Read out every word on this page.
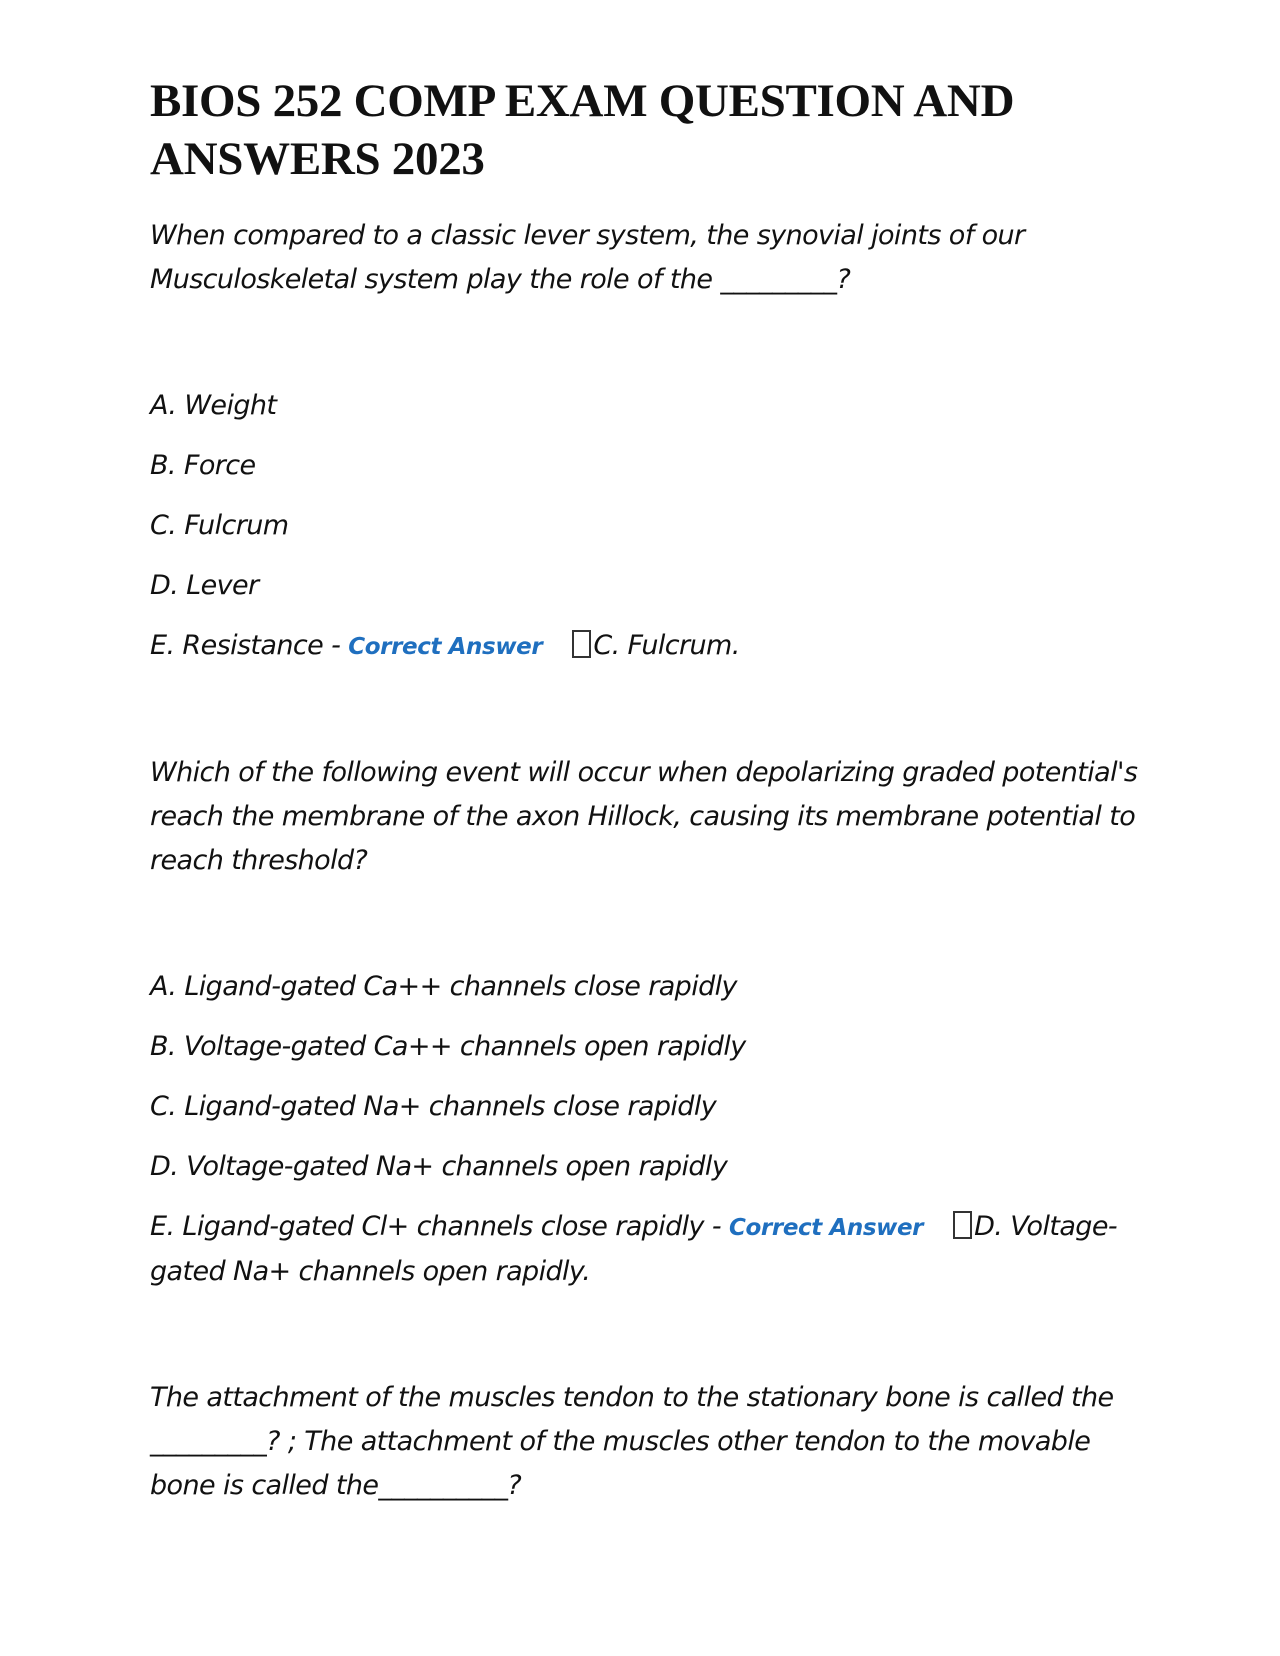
BIOS 252 COMP EXAM QUESTION AND ANSWERS 2023
When compared to a classic lever system, the synovial joints of our Musculoskeletal system play the role of the _________?
A. Weight
B. Force
C. Fulcrum
D. Lever
E. Resistance - Correct Answer C. Fulcrum.
Which of the following event will occur when depolarizing graded potential's reach the membrane of the axon Hillock, causing its membrane potential to reach threshold?
A. Ligand-gated Ca++ channels close rapidly
B. Voltage-gated Ca++ channels open rapidly
C. Ligand-gated Na+ channels close rapidly
D. Voltage-gated Na+ channels open rapidly
E. Ligand-gated Cl+ channels close rapidly - Correct Answer D. Voltage-gated Na+ channels open rapidly.
The attachment of the muscles tendon to the stationary bone is called the _________? ; The attachment of the muscles other tendon to the movable bone is called the__________?
